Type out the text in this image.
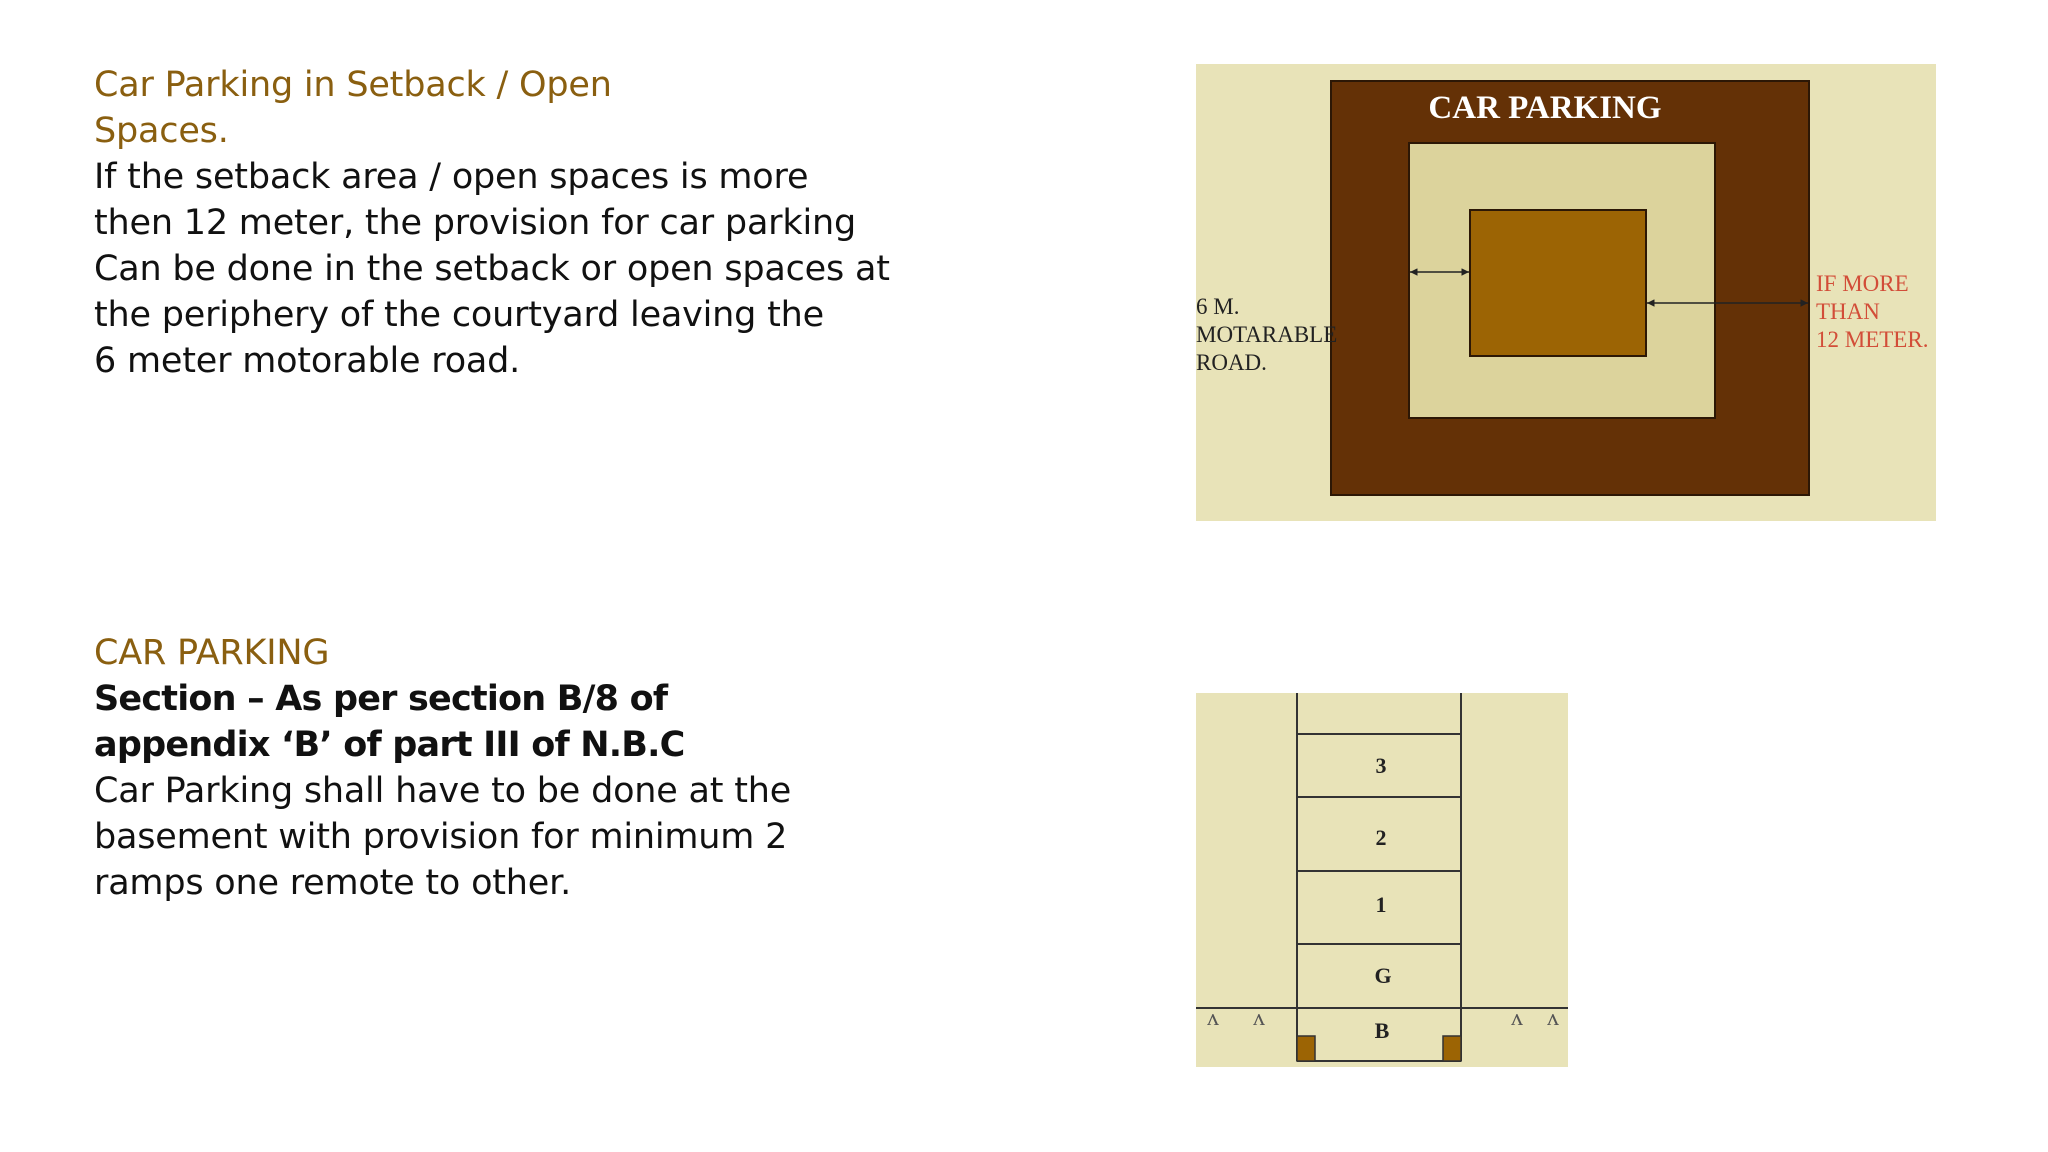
Car Parking in Setback / Open
Spaces.
If the setback area / open spaces is more
then 12 meter, the provision for car parking
Can be done in the setback or open spaces at
the periphery of the courtyard leaving the
6 meter motorable road.
CAR PARKING
Section – As per section B/8 of
appendix ‘B’ of part III of N.B.C
Car Parking shall have to be done at the
basement with provision for minimum 2
ramps one remote to other.
CAR PARKING
6 M.
MOTARABLE
ROAD.
IF MORE
THAN
12 METER.
3
2
1
G
B
ʌ ʌ	ʌ ʌ
